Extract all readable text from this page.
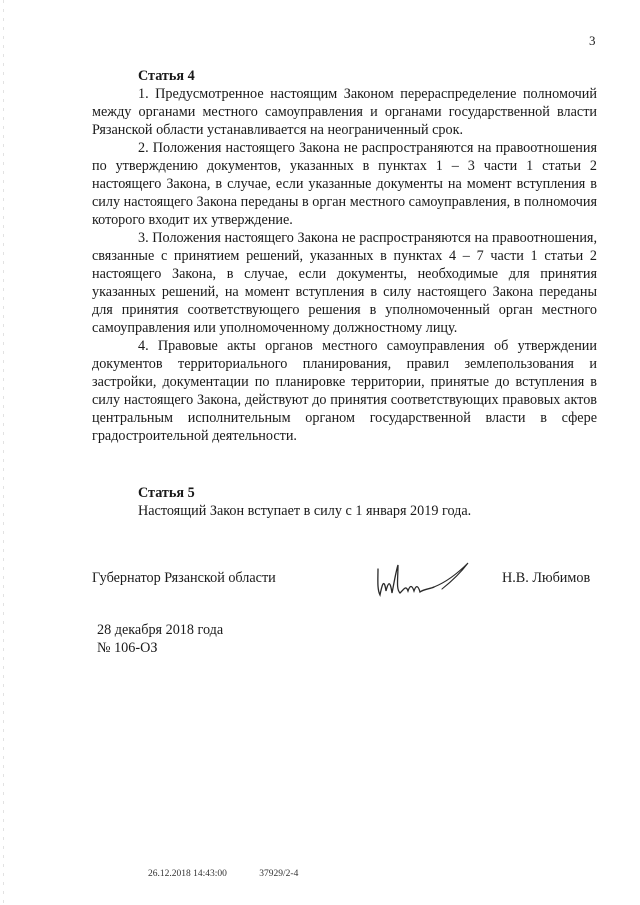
3

Статья 4

1. Предусмотренное настоящим Законом перераспределение полномочий между органами местного самоуправления и органами государственной власти Рязанской области устанавливается на неограниченный срок.

2. Положения настоящего Закона не распространяются на правоотношения по утверждению документов, указанных в пунктах 1 – 3 части 1 статьи 2 настоящего Закона, в случае, если указанные документы на момент вступления в силу настоящего Закона переданы в орган местного самоуправления, в полномочия которого входит их утверждение.

3. Положения настоящего Закона не распространяются на правоотношения, связанные с принятием решений, указанных в пунктах 4 – 7 части 1 статьи 2 настоящего Закона, в случае, если документы, необходимые для принятия указанных решений, на момент вступления в силу настоящего Закона переданы для принятия соответствующего решения в уполномоченный орган местного самоуправления или уполномоченному должностному лицу.

4. Правовые акты органов местного самоуправления об утверждении документов территориального планирования, правил землепользования и застройки, документации по планировке территории, принятые до вступления в силу настоящего Закона, действуют до принятия соответствующих правовых актов центральным исполнительным органом государственной власти в сфере градостроительной деятельности.

Статья 5

Настоящий Закон вступает в силу с 1 января 2019 года.

Губернатор Рязанской области	Н.В. Любимов
28 декабря 2018 года
№ 106-ОЗ
26.12.2018 14:43:00	37929/2-4
